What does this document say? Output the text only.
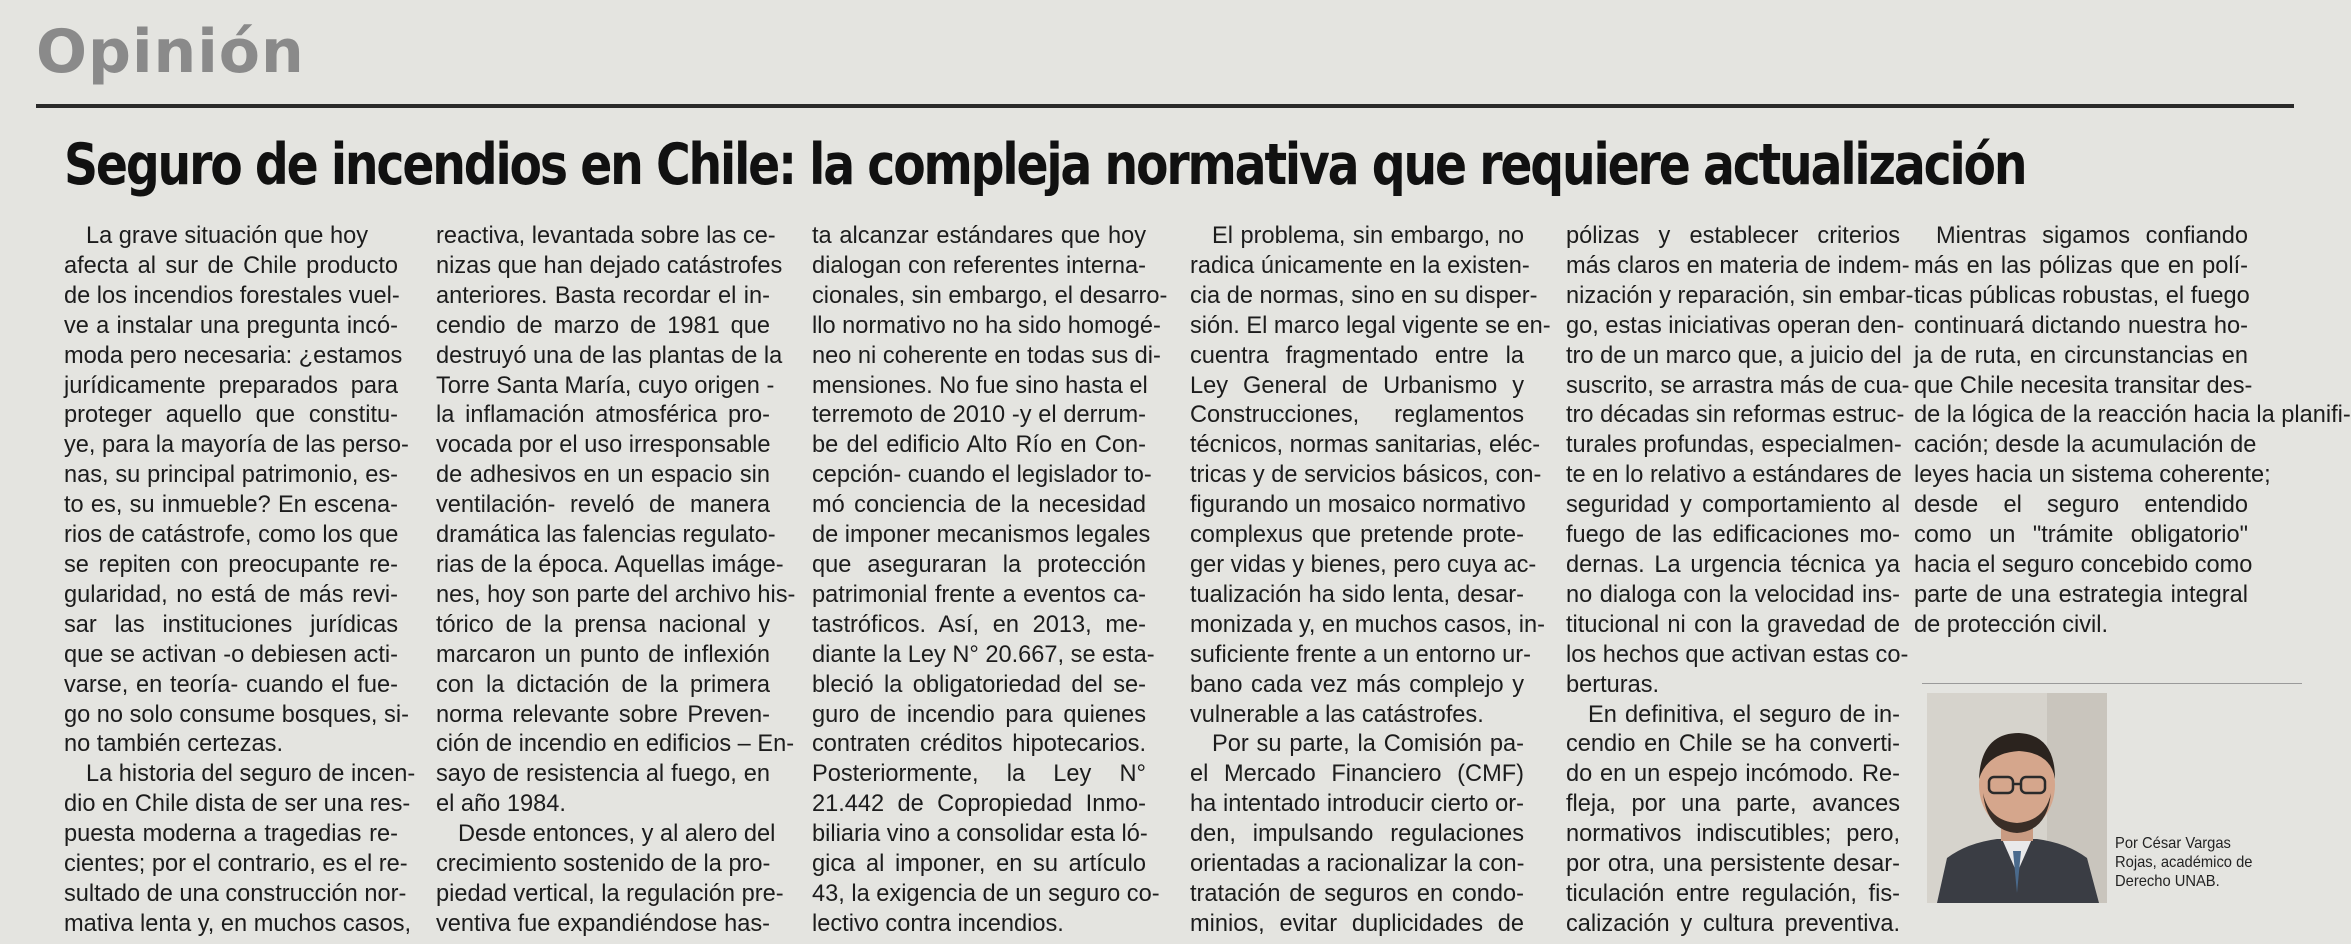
Opinión
Seguro de incendios en Chile: la compleja normativa que requiere actualización
La grave situación que hoy
afecta al sur de Chile producto
de los incendios forestales vuel-
ve a instalar una pregunta incó-
moda pero necesaria: ¿estamos
jurídicamente preparados para
proteger aquello que constitu-
ye, para la mayoría de las perso-
nas, su principal patrimonio, es-
to es, su inmueble? En escena-
rios de catástrofe, como los que
se repiten con preocupante re-
gularidad, no está de más revi-
sar las instituciones jurídicas
que se activan -o debiesen acti-
varse, en teoría- cuando el fue-
go no solo consume bosques, si-
no también certezas.
La historia del seguro de incen-
dio en Chile dista de ser una res-
puesta moderna a tragedias re-
cientes; por el contrario, es el re-
sultado de una construcción nor-
mativa lenta y, en muchos casos,
reactiva, levantada sobre las ce-
nizas que han dejado catástrofes
anteriores. Basta recordar el in-
cendio de marzo de 1981 que
destruyó una de las plantas de la
Torre Santa María, cuyo origen -
la inflamación atmosférica pro-
vocada por el uso irresponsable
de adhesivos en un espacio sin
ventilación- reveló de manera
dramática las falencias regulato-
rias de la época. Aquellas imáge-
nes, hoy son parte del archivo his-
tórico de la prensa nacional y
marcaron un punto de inflexión
con la dictación de la primera
norma relevante sobre Preven-
ción de incendio en edificios – En-
sayo de resistencia al fuego, en
el año 1984.
Desde entonces, y al alero del
crecimiento sostenido de la pro-
piedad vertical, la regulación pre-
ventiva fue expandiéndose has-
ta alcanzar estándares que hoy
dialogan con referentes interna-
cionales, sin embargo, el desarro-
llo normativo no ha sido homogé-
neo ni coherente en todas sus di-
mensiones. No fue sino hasta el
terremoto de 2010 -y el derrum-
be del edificio Alto Río en Con-
cepción- cuando el legislador to-
mó conciencia de la necesidad
de imponer mecanismos legales
que aseguraran la protección
patrimonial frente a eventos ca-
tastróficos. Así, en 2013, me-
diante la Ley N° 20.667, se esta-
bleció la obligatoriedad del se-
guro de incendio para quienes
contraten créditos hipotecarios.
Posteriormente, la Ley N°
21.442 de Copropiedad Inmo-
biliaria vino a consolidar esta ló-
gica al imponer, en su artículo
43, la exigencia de un seguro co-
lectivo contra incendios.
El problema, sin embargo, no
radica únicamente en la existen-
cia de normas, sino en su disper-
sión. El marco legal vigente se en-
cuentra fragmentado entre la
Ley General de Urbanismo y
Construcciones, reglamentos
técnicos, normas sanitarias, eléc-
tricas y de servicios básicos, con-
figurando un mosaico normativo
complexus que pretende prote-
ger vidas y bienes, pero cuya ac-
tualización ha sido lenta, desar-
monizada y, en muchos casos, in-
suficiente frente a un entorno ur-
bano cada vez más complejo y
vulnerable a las catástrofes.
Por su parte, la Comisión pa-
el Mercado Financiero (CMF)
ha intentado introducir cierto or-
den, impulsando regulaciones
orientadas a racionalizar la con-
tratación de seguros en condo-
minios, evitar duplicidades de
pólizas y establecer criterios
más claros en materia de indem-
nización y reparación, sin embar-
go, estas iniciativas operan den-
tro de un marco que, a juicio del
suscrito, se arrastra más de cua-
tro décadas sin reformas estruc-
turales profundas, especialmen-
te en lo relativo a estándares de
seguridad y comportamiento al
fuego de las edificaciones mo-
dernas. La urgencia técnica ya
no dialoga con la velocidad ins-
titucional ni con la gravedad de
los hechos que activan estas co-
berturas.
En definitiva, el seguro de in-
cendio en Chile se ha converti-
do en un espejo incómodo. Re-
fleja, por una parte, avances
normativos indiscutibles; pero,
por otra, una persistente desar-
ticulación entre regulación, fis-
calización y cultura preventiva.
Mientras sigamos confiando
más en las pólizas que en polí-
ticas públicas robustas, el fuego
continuará dictando nuestra ho-
ja de ruta, en circunstancias en
que Chile necesita transitar des-
de la lógica de la reacción hacia la planifi-
cación; desde la acumulación de
leyes hacia un sistema coherente;
desde el seguro entendido
como un "trámite obligatorio"
hacia el seguro concebido como
parte de una estrategia integral
de protección civil.
Por César Vargas
Rojas, académico de
Derecho UNAB.
